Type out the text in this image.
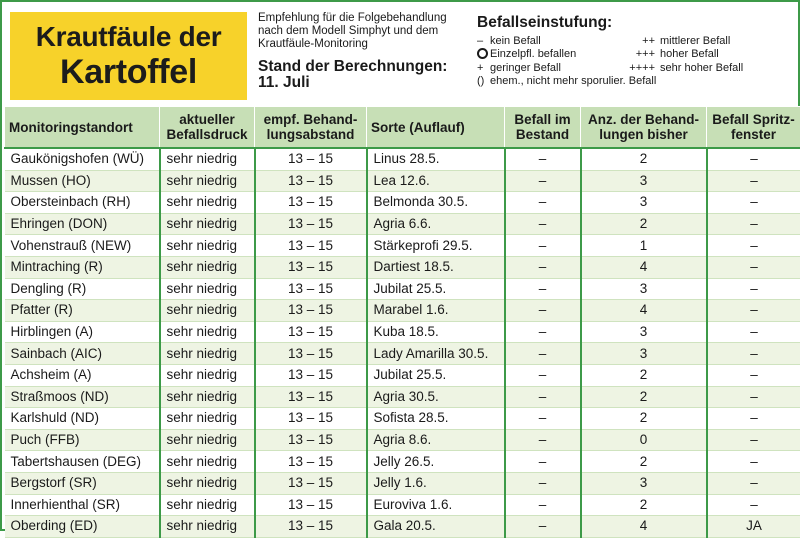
Krautfäule der
Kartoffel
Empfehlung für die Folgebehandlung
nach dem Modell Simphyt und dem
Krautfäule-Monitoring
Stand der Berechnungen:
11. Juli
Befallseinstufung:
– kein Befall	++ mittlerer Befall
Einzelpfl. befallen	+++ hoher Befall
+ geringer Befall	++++ sehr hoher Befall
() ehem., nicht mehr sporulier. Befall
Monitoringstandort	aktueller Befallsdruck	empf. Behand-lungsabstand	Sorte (Auflauf)	Befall im Bestand	Anz. der Behand-lungen bisher	Befall Spritz-fenster
Gaukönigshofen (WÜ)	sehr niedrig	13 – 15	Linus 28.5.	–	2	–
Mussen (HO)	sehr niedrig	13 – 15	Lea 12.6.	–	3	–
Obersteinbach (RH)	sehr niedrig	13 – 15	Belmonda 30.5.	–	3	–
Ehringen (DON)	sehr niedrig	13 – 15	Agria 6.6.	–	2	–
Vohenstrauß (NEW)	sehr niedrig	13 – 15	Stärkeprofi 29.5.	–	1	–
Mintraching (R)	sehr niedrig	13 – 15	Dartiest 18.5.	–	4	–
Dengling (R)	sehr niedrig	13 – 15	Jubilat 25.5.	–	3	–
Pfatter (R)	sehr niedrig	13 – 15	Marabel 1.6.	–	4	–
Hirblingen (A)	sehr niedrig	13 – 15	Kuba 18.5.	–	3	–
Sainbach (AIC)	sehr niedrig	13 – 15	Lady Amarilla 30.5.	–	3	–
Achsheim (A)	sehr niedrig	13 – 15	Jubilat 25.5.	–	2	–
Straßmoos (ND)	sehr niedrig	13 – 15	Agria 30.5.	–	2	–
Karlshuld (ND)	sehr niedrig	13 – 15	Sofista 28.5.	–	2	–
Puch (FFB)	sehr niedrig	13 – 15	Agria 8.6.	–	0	–
Tabertshausen (DEG)	sehr niedrig	13 – 15	Jelly 26.5.	–	2	–
Bergstorf (SR)	sehr niedrig	13 – 15	Jelly 1.6.	–	3	–
Innerhienthal (SR)	sehr niedrig	13 – 15	Euroviva 1.6.	–	2	–
Oberding (ED)	sehr niedrig	13 – 15	Gala 20.5.	–	4	JA
